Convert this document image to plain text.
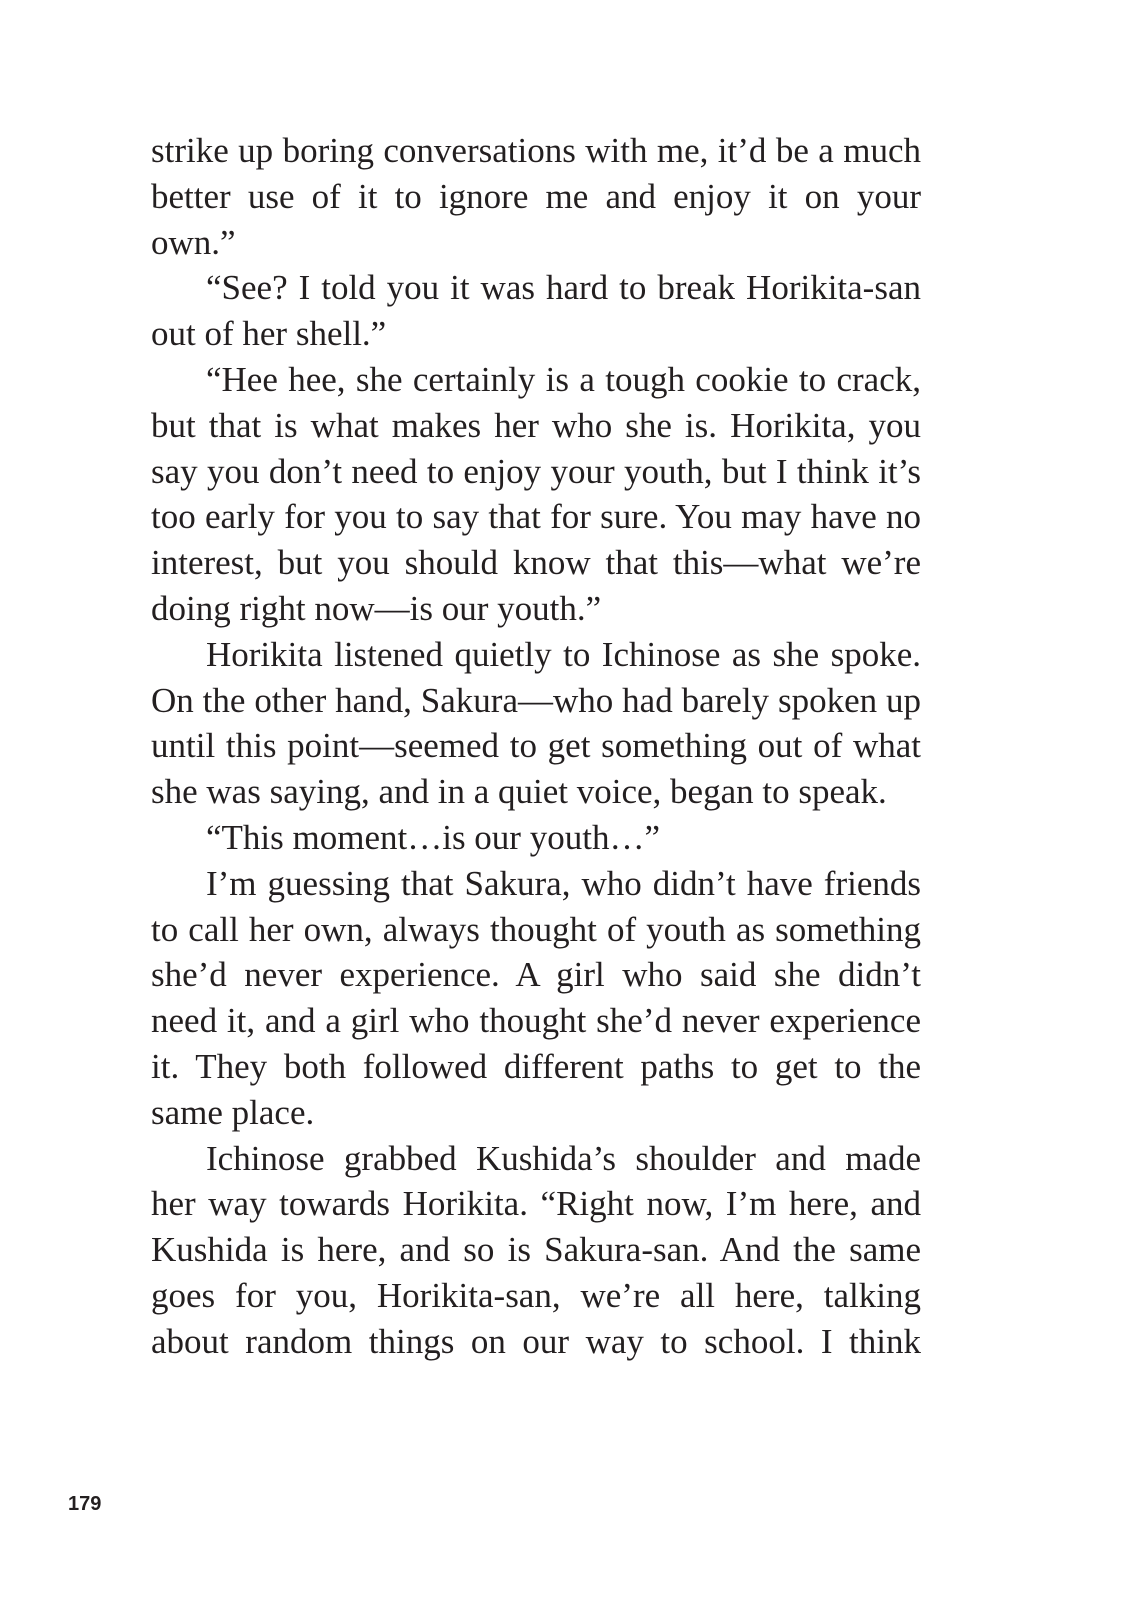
strike up boring conversations with me, it’d be a much better use of it to ignore me and enjoy it on your own.”

“See? I told you it was hard to break Horikita-san out of her shell.”

“Hee hee, she certainly is a tough cookie to crack, but that is what makes her who she is. Horikita, you say you don’t need to enjoy your youth, but I think it’s too early for you to say that for sure. You may have no interest, but you should know that this—what we’re doing right now—is our youth.”

Horikita listened quietly to Ichinose as she spoke. On the other hand, Sakura—who had barely spoken up until this point—seemed to get something out of what she was saying, and in a quiet voice, began to speak.

“This moment…is our youth…”

I’m guessing that Sakura, who didn’t have friends to call her own, always thought of youth as something she’d never experience. A girl who said she didn’t need it, and a girl who thought she’d never experience it. They both followed different paths to get to the same place.

Ichinose grabbed Kushida’s shoulder and made her way towards Horikita. “Right now, I’m here, and Kushida is here, and so is Sakura-san. And the same goes for you, Horikita-san, we’re all here, talking about random things on our way to school. I think

179
